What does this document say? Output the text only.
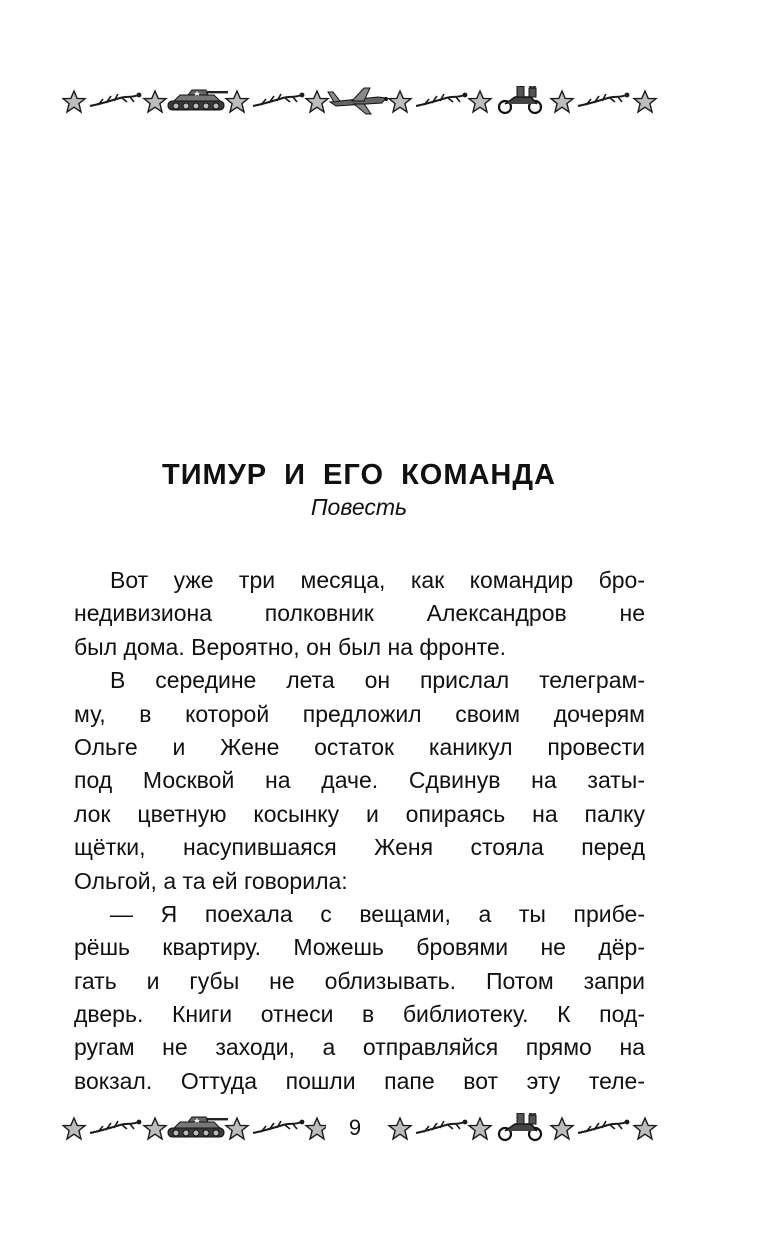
ТИМУР И ЕГО КОМАНДА
Повесть
Вот уже три месяца, как командир бро-
недивизиона полковник Александров не
был дома. Вероятно, он был на фронте.
В середине лета он прислал телеграм-
му, в которой предложил своим дочерям
Ольге и Жене остаток каникул провести
под Москвой на даче. Сдвинув на заты-
лок цветную косынку и опираясь на палку
щётки, насупившаяся Женя стояла перед
Ольгой, а та ей говорила:
— Я поехала с вещами, а ты прибе-
рёшь квартиру. Можешь бровями не дёр-
гать и губы не облизывать. Потом запри
дверь. Книги отнеси в библиотеку. К под-
ругам не заходи, а отправляйся прямо на
вокзал. Оттуда пошли папе вот эту теле-
9
